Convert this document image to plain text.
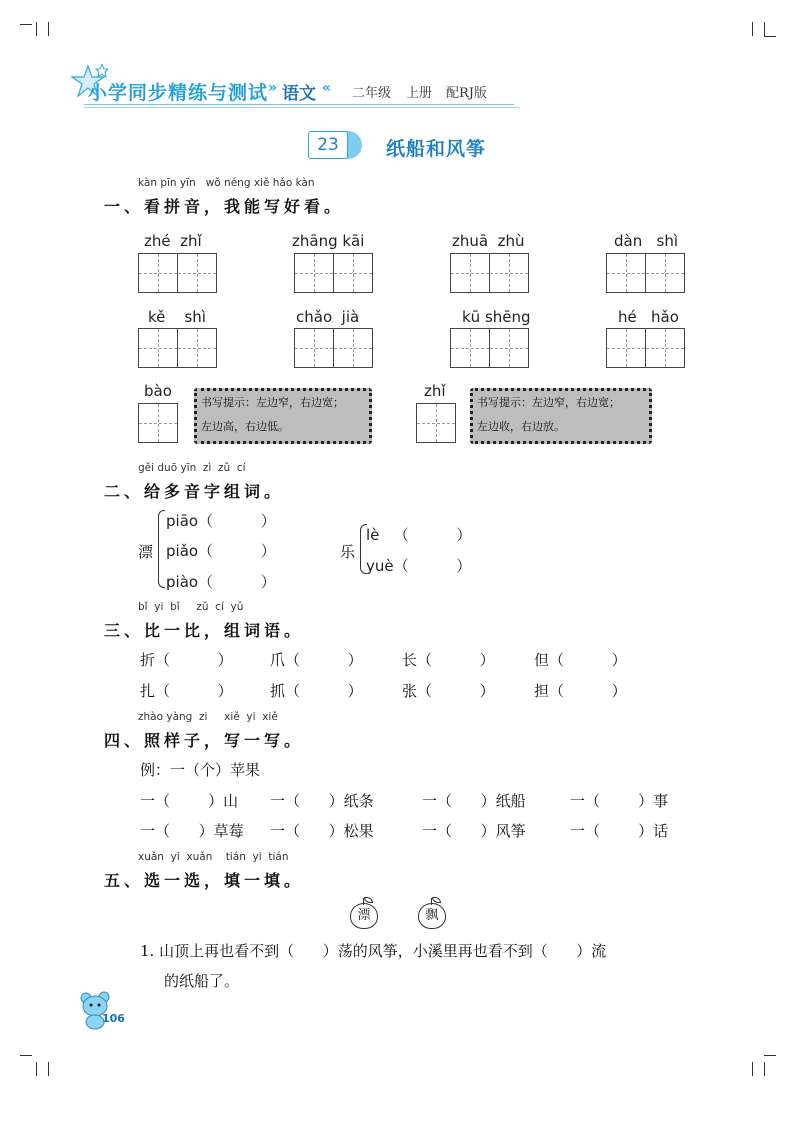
小学同步精练与测试 » 语文 « 二年级 上册 配RJ版
23	纸船和风筝
kàn pīn yīn   wǒ néng xiě hǎo kàn
一、看拼音，我能写好看。
zhé  zhǐ	zhāng kāi	zhuā  zhù	dàn   shì
kě    shì	chǎo  jià	kū shēng	hé   hǎo
bào
书写提示：左边窄，右边宽；
左边高，右边低。
zhǐ
书写提示：左边窄，右边宽；
左边收，右边放。
gěi duō yīn  zì  zǔ  cí
二、给多音字组词。
漂
piāo（          ）
piǎo（          ）
piào（          ）
乐
lè   （          ）
yuè（          ）
bǐ  yi  bǐ     zǔ  cí  yǔ
三、比一比，组词语。
折（          ） 爪（          ）	长（          ）	但（          ）
扎（          ） 抓（          ）	张（          ）	担（          ）
zhào yàng  zi     xiě  yi  xiě
四、照样子，写一写。
例：一（个）苹果
一（        ）山 一（      ）纸条	一（      ）纸船	一（        ）事
一（      ）草莓 一（      ）松果	一（      ）风筝	一（        ）话
xuǎn  yi  xuǎn    tián  yi  tián
五、选一选，填一填。
漂	飘
1. 山顶上再也看不到（      ）荡的风筝，小溪里再也看不到（      ）流
的纸船了。
106
